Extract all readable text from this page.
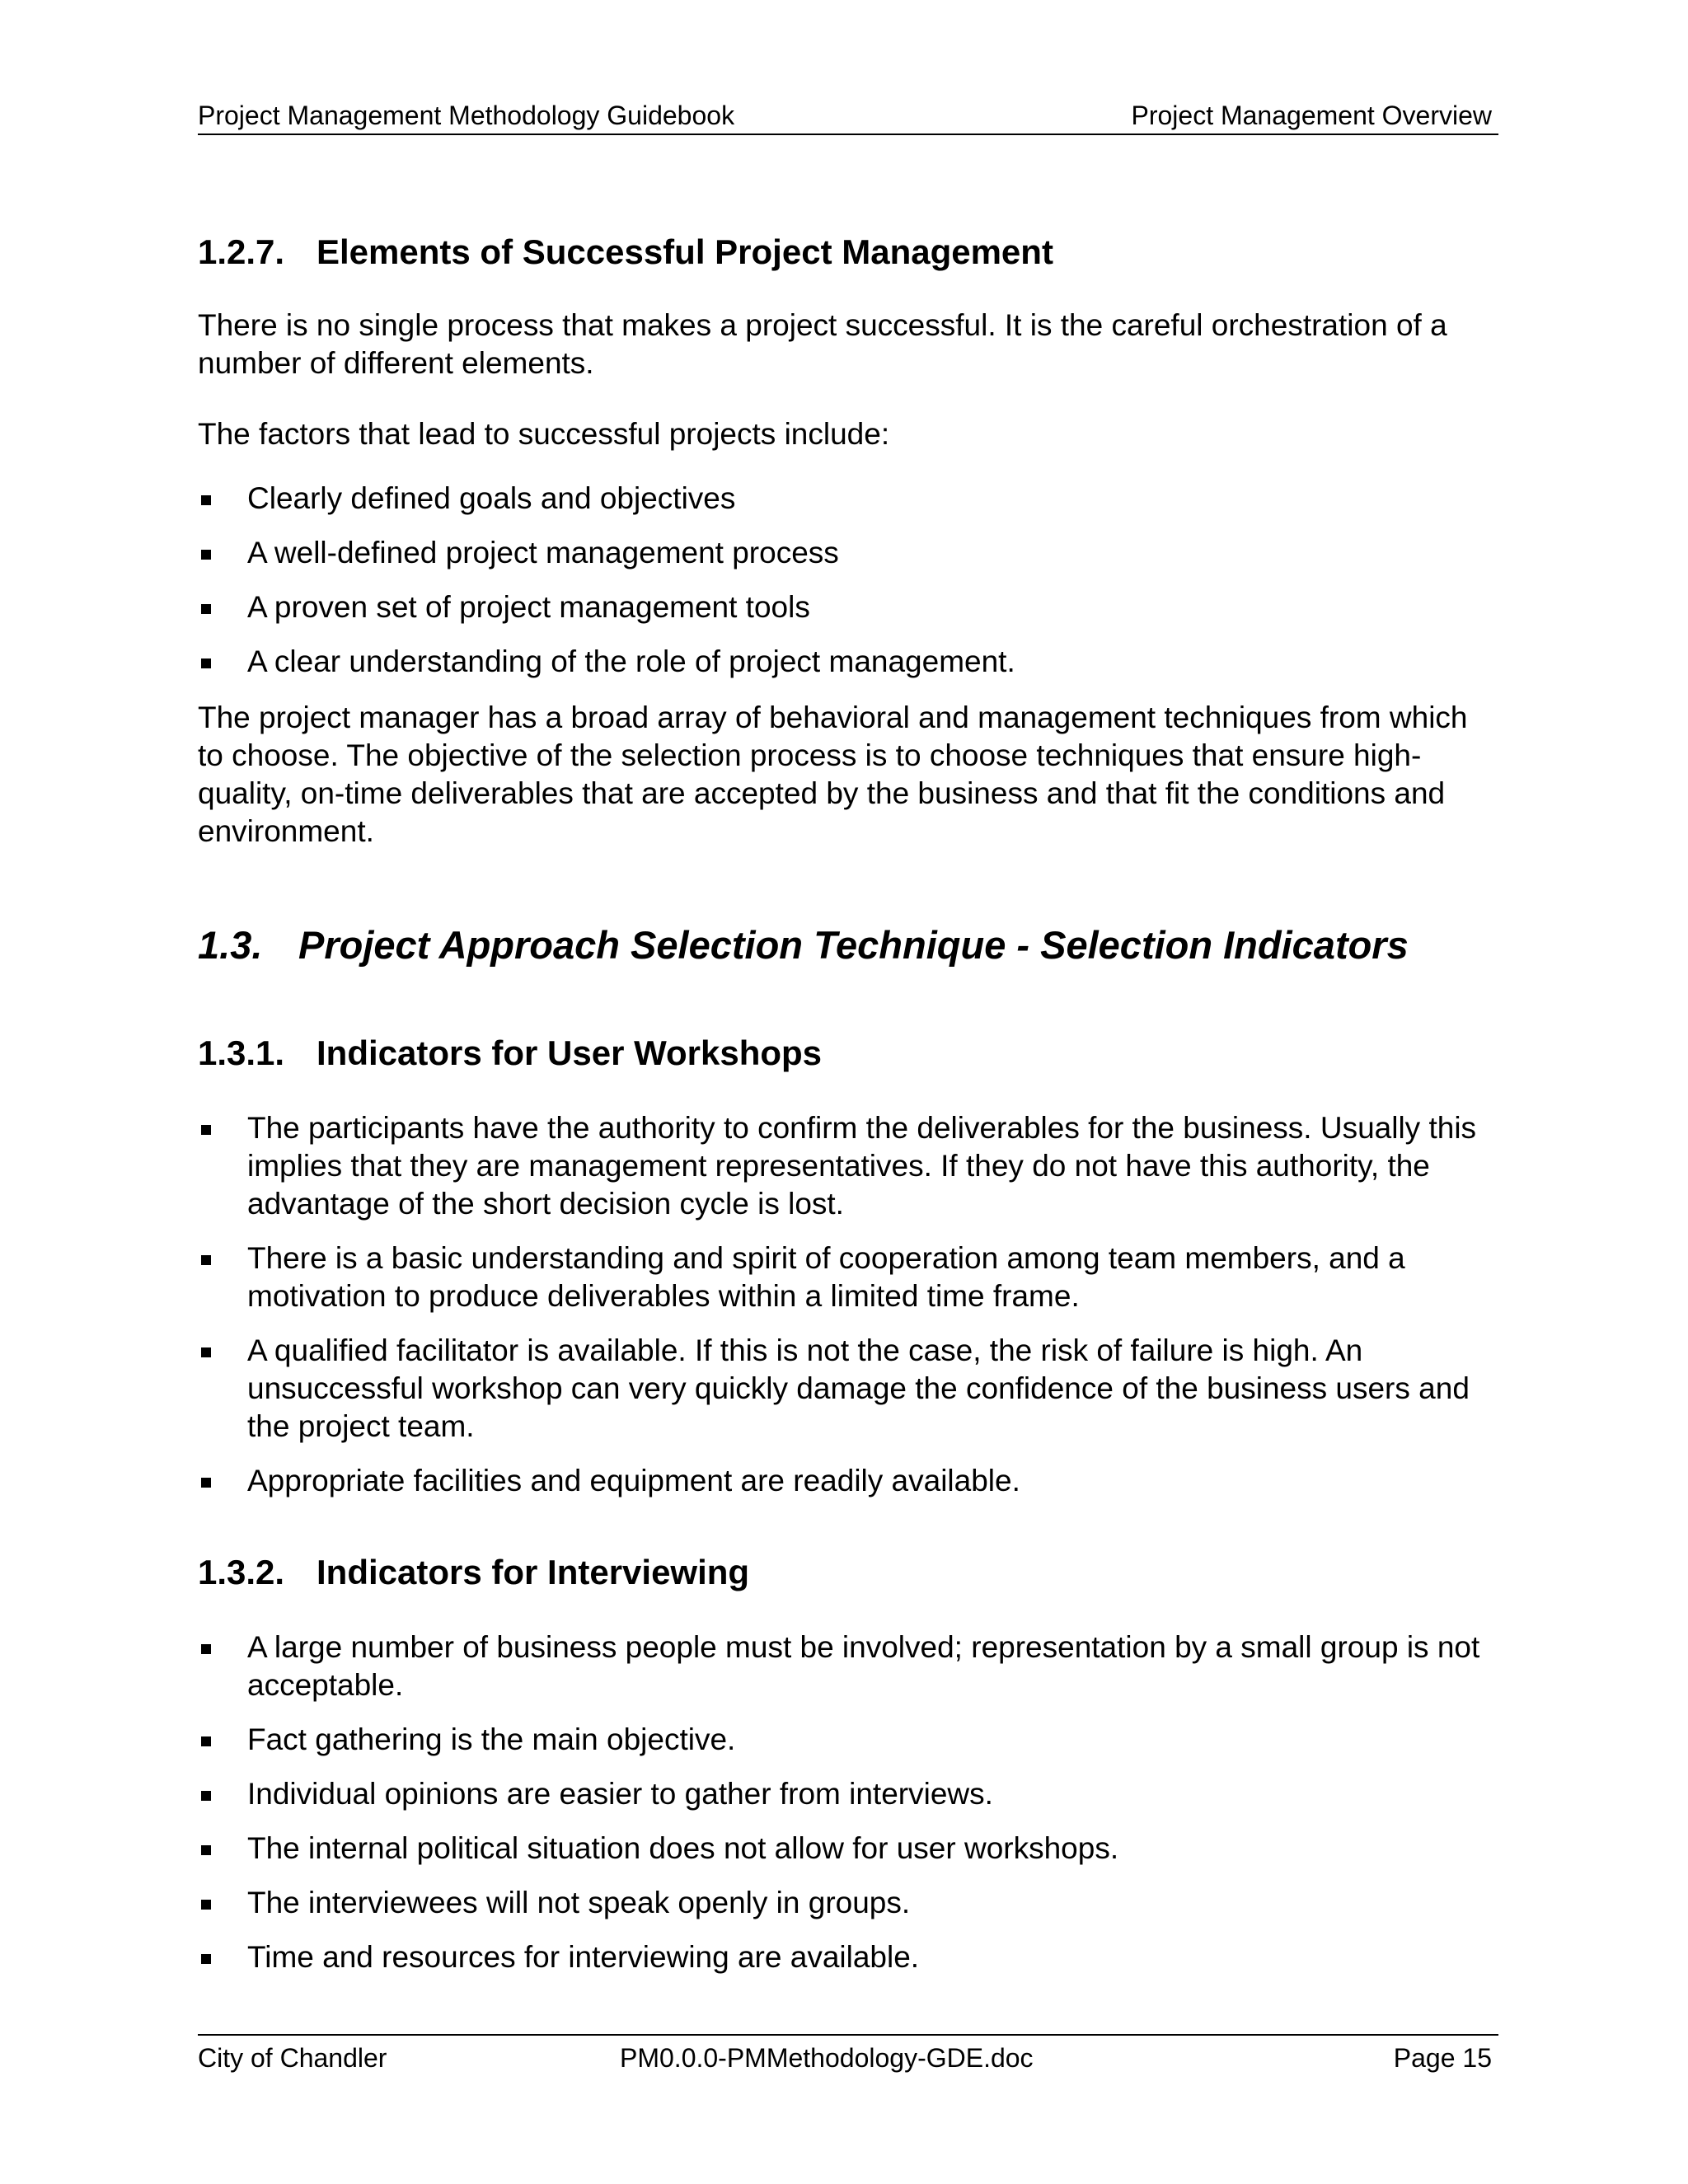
Project Management Methodology Guidebook	Project Management Overview
1.2.7. Elements of Successful Project Management

There is no single process that makes a project successful. It is the careful orchestration of a number of different elements.

The factors that lead to successful projects include:

Clearly defined goals and objectives
A well-defined project management process
A proven set of project management tools
A clear understanding of the role of project management.

The project manager has a broad array of behavioral and management techniques from which to choose. The objective of the selection process is to choose techniques that ensure high-quality, on-time deliverables that are accepted by the business and that fit the conditions and environment.

1.3. Project Approach Selection Technique - Selection Indicators
1.3.1. Indicators for User Workshops
The participants have the authority to confirm the deliverables for the business. Usually this implies that they are management representatives. If they do not have this authority, the advantage of the short decision cycle is lost.
There is a basic understanding and spirit of cooperation among team members, and a motivation to produce deliverables within a limited time frame.
A qualified facilitator is available. If this is not the case, the risk of failure is high. An unsuccessful workshop can very quickly damage the confidence of the business users and the project team.
Appropriate facilities and equipment are readily available.
1.3.2. Indicators for Interviewing
A large number of business people must be involved; representation by a small group is not acceptable.
Fact gathering is the main objective.
Individual opinions are easier to gather from interviews.
The internal political situation does not allow for user workshops.
The interviewees will not speak openly in groups.
Time and resources for interviewing are available.
City of Chandler	PM0.0.0-PMMethodology-GDE.doc	Page 15
